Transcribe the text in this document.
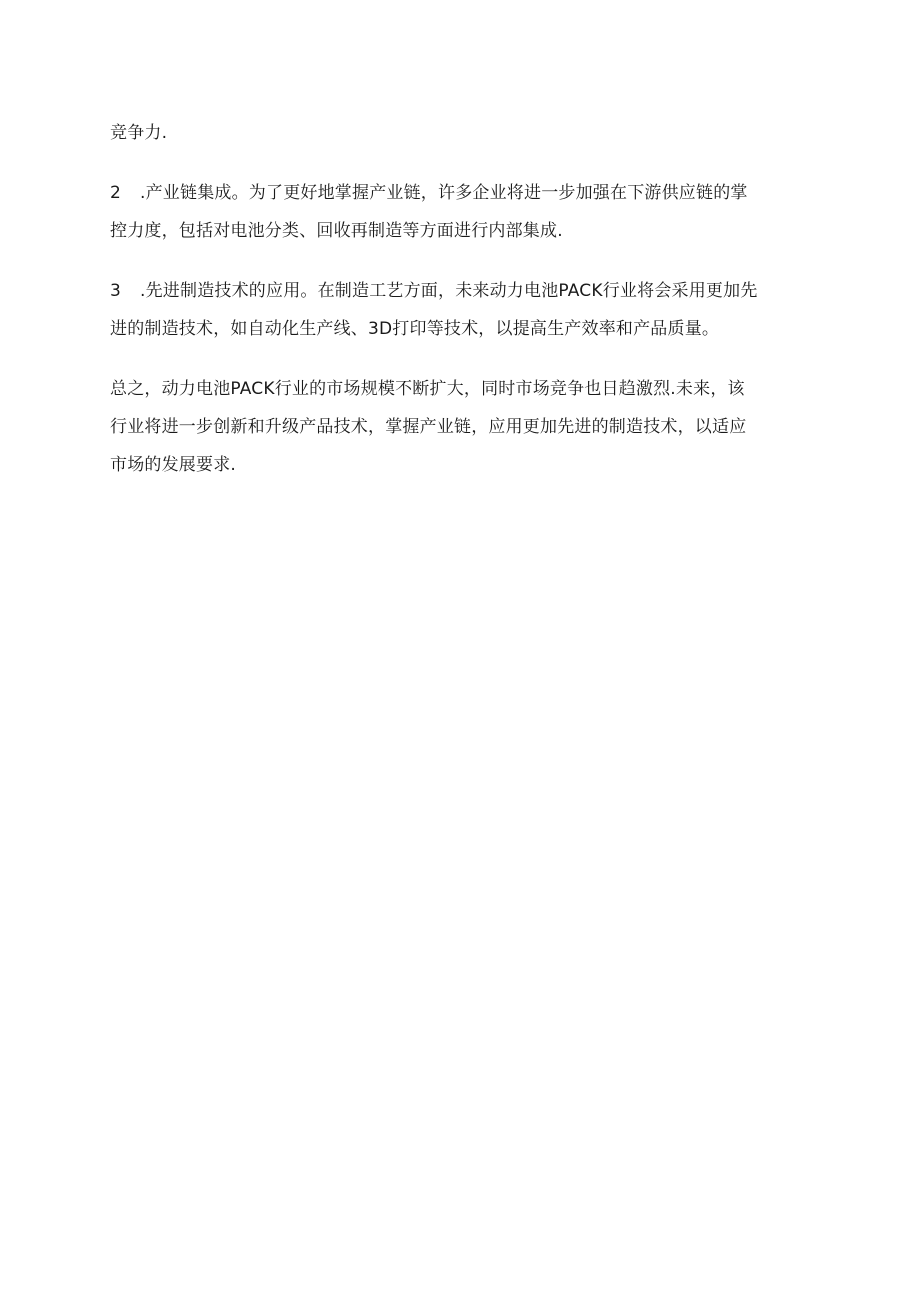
竞争力.

2 .产业链集成。为了更好地掌握产业链，许多企业将进一步加强在下游供应链的掌
控力度，包括对电池分类、回收再制造等方面进行内部集成.

3 .先进制造技术的应用。在制造工艺方面，未来动力电池PACK行业将会采用更加先
进的制造技术，如自动化生产线、3D打印等技术，以提高生产效率和产品质量。

总之，动力电池PACK行业的市场规模不断扩大，同时市场竞争也日趋激烈.未来，该
行业将进一步创新和升级产品技术，掌握产业链，应用更加先进的制造技术，以适应
市场的发展要求.
